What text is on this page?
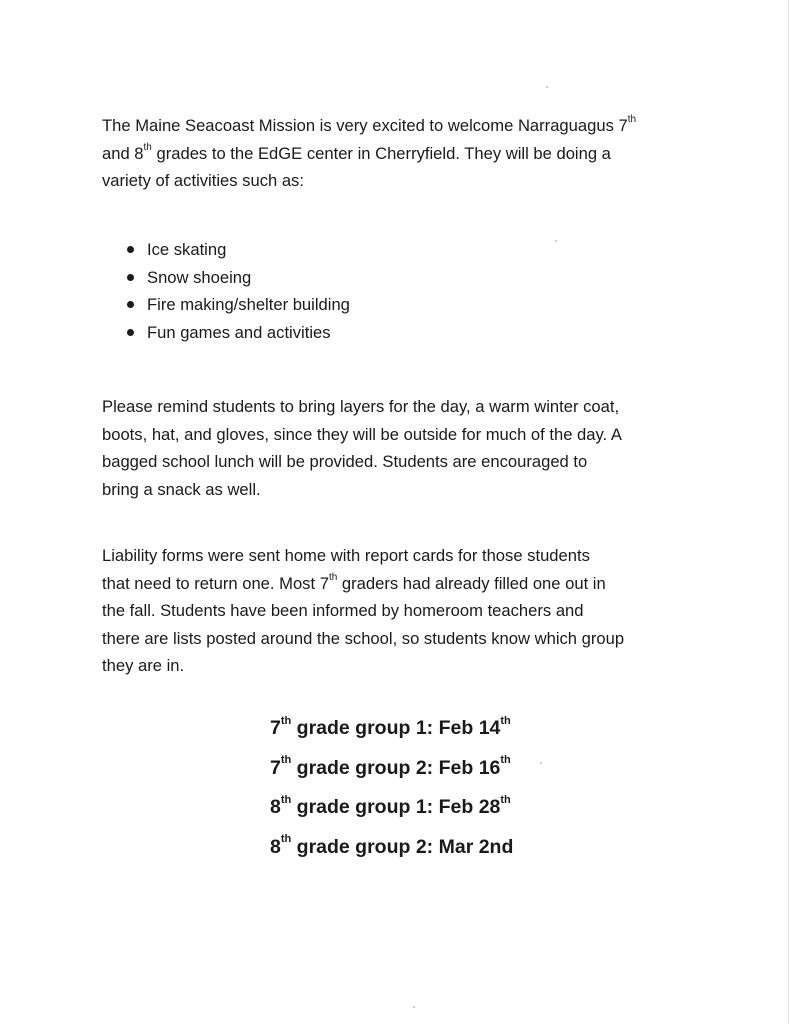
The Maine Seacoast Mission is very excited to welcome Narraguagus 7th
and 8th grades to the EdGE center in Cherryfield. They will be doing a
variety of activities such as:

Ice skating
Snow shoeing
Fire making/shelter building
Fun games and activities

Please remind students to bring layers for the day, a warm winter coat,
boots, hat, and gloves, since they will be outside for much of the day. A
bagged school lunch will be provided. Students are encouraged to
bring a snack as well.

Liability forms were sent home with report cards for those students
that need to return one. Most 7th graders had already filled one out in
the fall. Students have been informed by homeroom teachers and
there are lists posted around the school, so students know which group
they are in.

7th grade group 1: Feb 14th
7th grade group 2: Feb 16th
8th grade group 1: Feb 28th
8th grade group 2: Mar 2nd
